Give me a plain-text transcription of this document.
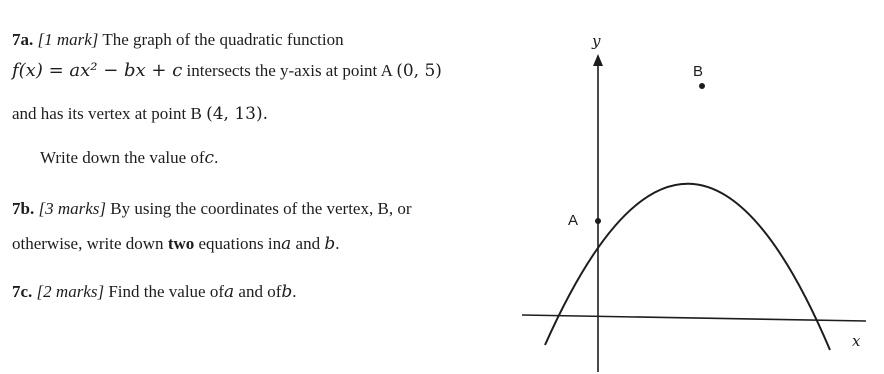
7a. [1 mark] The graph of the quadratic function
f(x) = ax² − bx + c intersects the y-axis at point A (0, 5)
and has its vertex at point B (4, 13).
Write down the value ofc.
7b. [3 marks] By using the coordinates of the vertex, B, or
otherwise, write down two equations ina and b.
7c. [2 marks] Find the value ofa and ofb.
y
x
A
B
